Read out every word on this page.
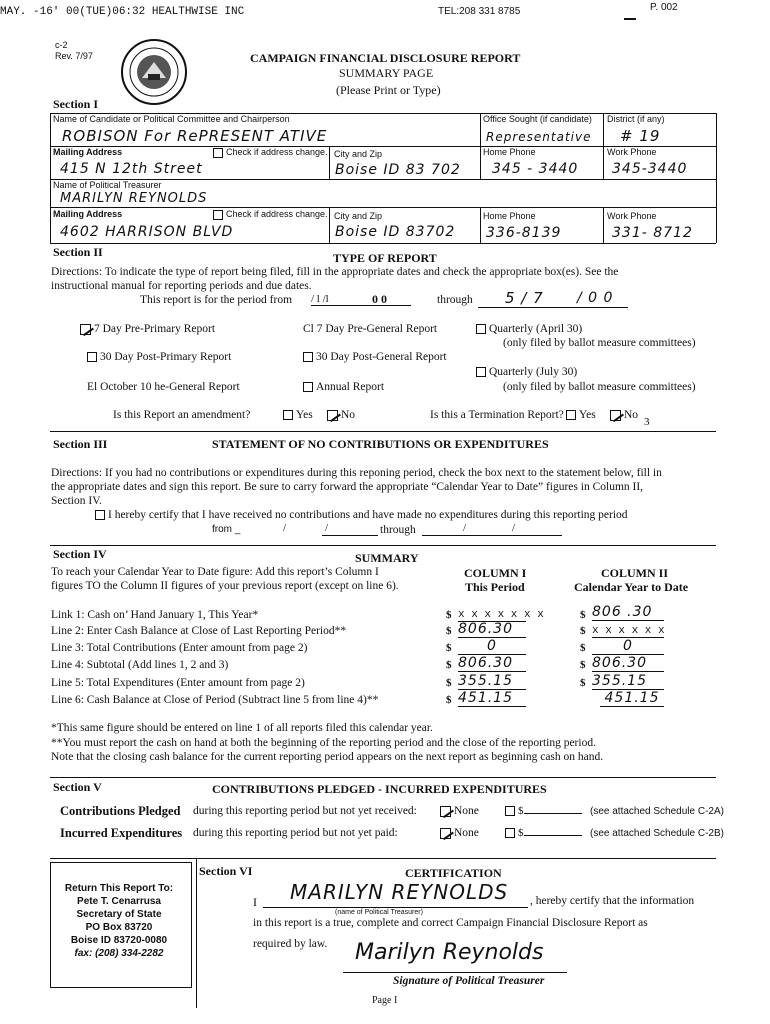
MAY. -16' 00(TUE)06:32 HEALTHWISE INC	TEL:208 331 8785	P. 002
c-2
Rev. 7/97	CAMPAIGN FINANCIAL DISCLOSURE REPORT
SUMMARY PAGE
(Please Print or Type)
Section I
Name of Candidate or Political Committee and Chairperson
ROBISON For RePRESENT ATIVE
Office Sought (if candidate)
Representative
District (if any)
# 19
Mailing Address	Check if address change.
415 N 12th Street
City and Zip
Boise ID 83 702
Home Phone
345 - 3440
Work Phone
345-3440
Name of Political Treasurer
MARILYN REYNOLDS
Mailing Address	Check if address change.
4602 HARRISON BLVD
City and Zip
Boise ID 83702
Home Phone
336-8139
Work Phone
331- 8712
Section II	TYPE OF REPORT
Directions: To indicate the type of report being filed, fill in the appropriate dates and check the appropriate box(es). See the
instructional manual for reporting periods and due dates.
This report is for the period from / l /l	0 0	through 5 / 7 / 0 0
7 Day Pre-Primary Report	Cl 7 Day Pre-General Report	Quarterly (April 30)
(only filed by ballot measure committees)
30 Day Post-Primary Report	30 Day Post-General Report
Quarterly (July 30)
(only filed by ballot measure committees)
El October 10 he-General Report	Annual Report
Is this Report an amendment?	Yes	No	Is this a Termination Report?	Yes	No
3
Section III	STATEMENT OF NO CONTRIBUTIONS OR EXPENDITURES
Directions: If you had no contributions or expenditures during this reponing period, check the box next to the statement below, fill in
the appropriate dates and sign this report. Be sure to carry forward the appropriate “Calendar Year to Date” figures in Column II,
Section IV.
I hereby certify that I have received no contributions and have made no expenditures during this reporting period
from _	/	/	through	/	/
Section IV	SUMMARY
To reach your Calendar Year to Date figure: Add this report’s Column I
figures TO the Column II figures of your previous report (except on line 6).
COLUMN I
This Period
COLUMN II
Calendar Year to Date
Link 1: Cash on’ Hand January 1, This Year*	$ x x x x x x x	$ 806 .30
Line 2: Enter Cash Balance at Close of Last Reporting Period**	$ 806.30	$ x x x x x x
Line 3: Total Contributions (Enter amount from page 2)	$	0	$	0
Line 4: Subtotal (Add lines 1, 2 and 3)	$ 806.30	$ 806.30
Line 5: Total Expenditures (Enter amount from page 2)	$ 355.15	$ 355.15
Line 6: Cash Balance at Close of Period (Subtract line 5 from line 4)**	$ 451.15	451.15
*This same figure should be entered on line 1 of all reports filed this calendar year.
**You must report the cash on hand at both the beginning of the reporting period and the close of the reporting period.
Note that the closing cash balance for the current reporting period appears on the next report as beginning cash on hand.
Section V	CONTRIBUTIONS PLEDGED - INCURRED EXPENDITURES
Contributions Pledged during this reporting period but not yet received:	None	$	(see attached Schedule C-2A)
Incurred Expenditures during this reporting period but not yet paid:	None	$	(see attached Schedule C-2B)
Return This Report To:
Pete T. Cenarrusa
Secretary of State
PO Box 83720
Boise ID 83720-0080
fax: (208) 334-2282
Section VI	CERTIFICATION
I MARILYN REYNOLDS
(name of Political Treasurer)
, hereby certify that the information
in this report is a true, complete and correct Campaign Financial Disclosure Report as
required by law. Marilyn Reynolds
Signature of Political Treasurer
Page I
